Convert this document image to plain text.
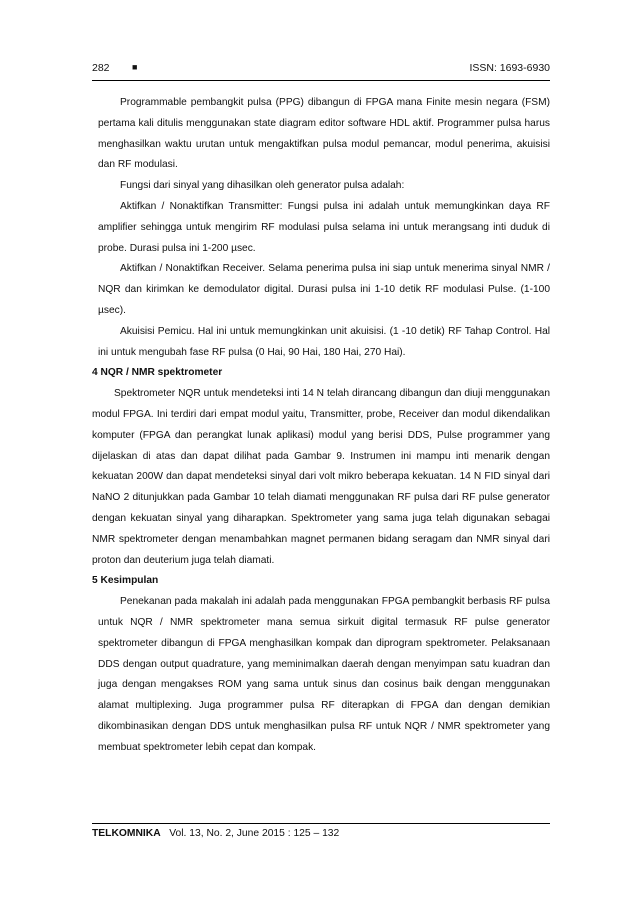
282 ■	ISSN: 1693-6930

Programmable pembangkit pulsa (PPG) dibangun di FPGA mana Finite mesin negara (FSM) pertama kali ditulis menggunakan state diagram editor software HDL aktif. Programmer pulsa harus menghasilkan waktu urutan untuk mengaktifkan pulsa modul pemancar, modul penerima, akuisisi dan RF modulasi.

Fungsi dari sinyal yang dihasilkan oleh generator pulsa adalah:

Aktifkan / Nonaktifkan Transmitter: Fungsi pulsa ini adalah untuk memungkinkan daya RF amplifier sehingga untuk mengirim RF modulasi pulsa selama ini untuk merangsang inti duduk di probe. Durasi pulsa ini 1-200 µsec.

Aktifkan / Nonaktifkan Receiver. Selama penerima pulsa ini siap untuk menerima sinyal NMR / NQR dan kirimkan ke demodulator digital. Durasi pulsa ini 1-10 detik RF modulasi Pulse. (1-100 µsec).

Akuisisi Pemicu. Hal ini untuk memungkinkan unit akuisisi. (1 -10 detik) RF Tahap Control. Hal ini untuk mengubah fase RF pulsa (0 Hai, 90 Hai, 180 Hai, 270 Hai).

4 NQR / NMR spektrometer

Spektrometer NQR untuk mendeteksi inti 14 N telah dirancang dibangun dan diuji menggunakan modul FPGA. Ini terdiri dari empat modul yaitu, Transmitter, probe, Receiver dan modul dikendalikan komputer (FPGA dan perangkat lunak aplikasi) modul yang berisi DDS, Pulse programmer yang dijelaskan di atas dan dapat dilihat pada Gambar 9. Instrumen ini mampu inti menarik dengan kekuatan 200W dan dapat mendeteksi sinyal dari volt mikro beberapa kekuatan. 14 N FID sinyal dari NaNO 2 ditunjukkan pada Gambar 10 telah diamati menggunakan RF pulsa dari RF pulse generator dengan kekuatan sinyal yang diharapkan. Spektrometer yang sama juga telah digunakan sebagai NMR spektrometer dengan menambahkan magnet permanen bidang seragam dan NMR sinyal dari proton dan deuterium juga telah diamati.

5 Kesimpulan

Penekanan pada makalah ini adalah pada menggunakan FPGA pembangkit berbasis RF pulsa untuk NQR / NMR spektrometer mana semua sirkuit digital termasuk RF pulse generator spektrometer dibangun di FPGA menghasilkan kompak dan diprogram spektrometer. Pelaksanaan DDS dengan output quadrature, yang meminimalkan daerah dengan menyimpan satu kuadran dan juga dengan mengakses ROM yang sama untuk sinus dan cosinus baik dengan menggunakan alamat multiplexing. Juga programmer pulsa RF diterapkan di FPGA dan dengan demikian dikombinasikan dengan DDS untuk menghasilkan pulsa RF untuk NQR / NMR spektrometer yang membuat spektrometer lebih cepat dan kompak.

TELKOMNIKA Vol. 13, No. 2, June 2015 : 125 – 132
